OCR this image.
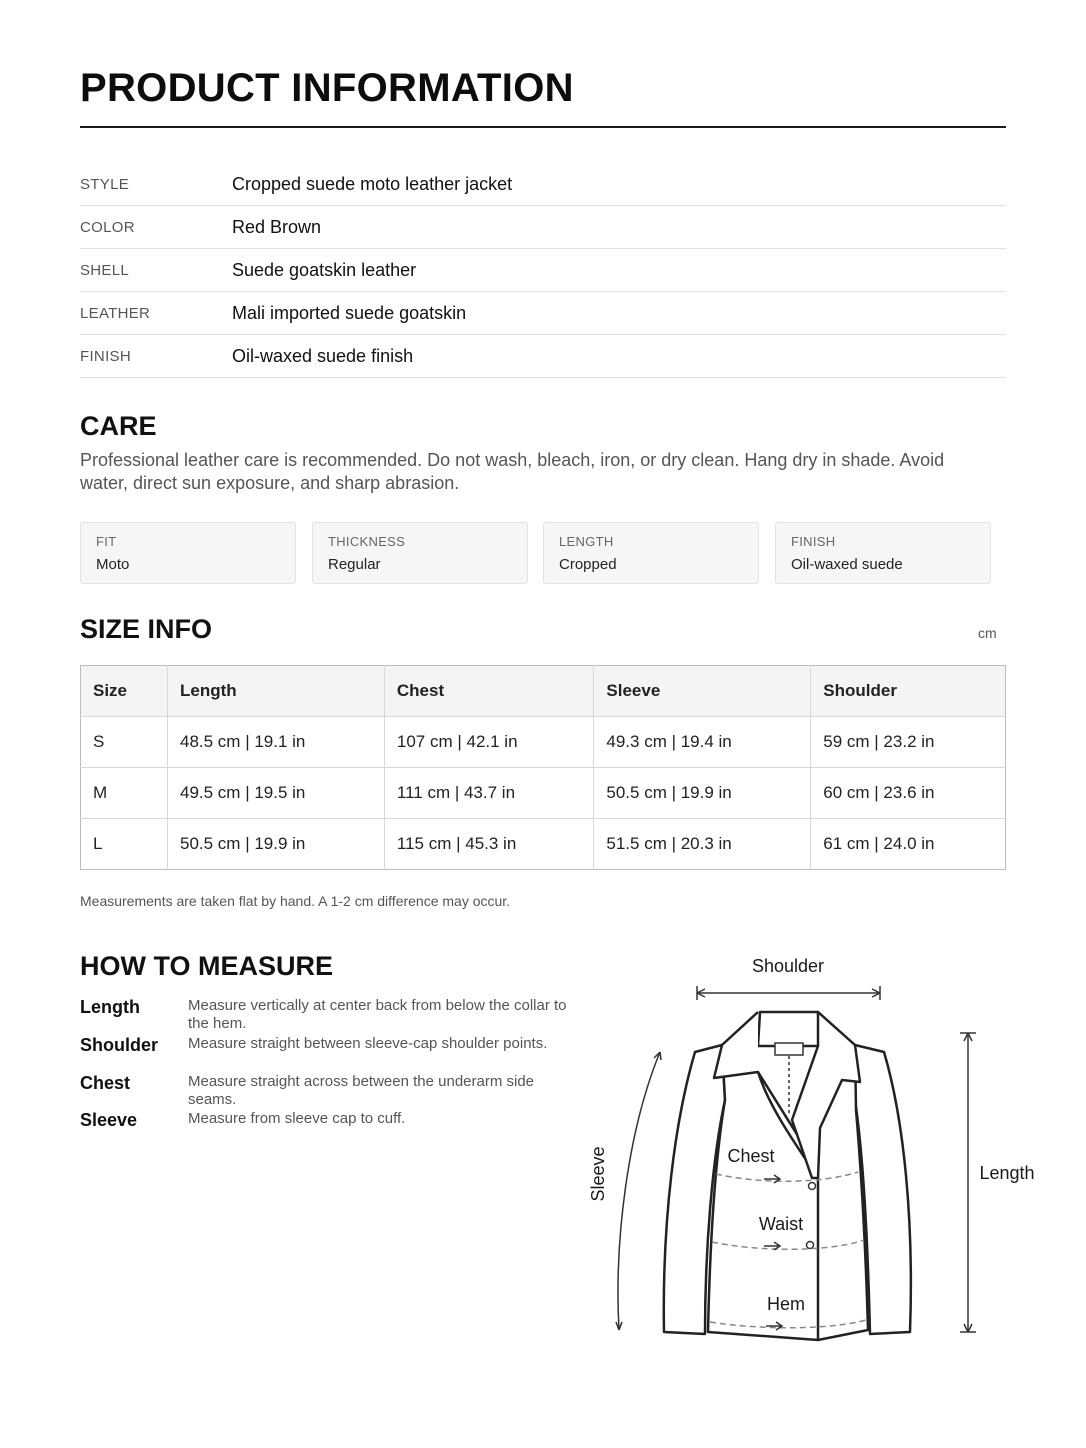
PRODUCT INFORMATION
STYLE	Cropped suede moto leather jacket
COLOR	Red Brown
SHELL	Suede goatskin leather
LEATHER	Mali imported suede goatskin
FINISH	Oil-waxed suede finish
CARE
Professional leather care is recommended. Do not wash, bleach, iron, or dry clean. Hang dry in shade. Avoid water, direct sun exposure, and sharp abrasion.
FIT
Moto
THICKNESS
Regular
LENGTH
Cropped
FINISH
Oil-waxed suede
SIZE INFO	cm
Size	Length	Chest	Sleeve	Shoulder
S	48.5 cm | 19.1 in	107 cm | 42.1 in	49.3 cm | 19.4 in	59 cm | 23.2 in
M	49.5 cm | 19.5 in	111 cm | 43.7 in	50.5 cm | 19.9 in	60 cm | 23.6 in
L	50.5 cm | 19.9 in	115 cm | 45.3 in	51.5 cm | 20.3 in	61 cm | 24.0 in
Measurements are taken flat by hand. A 1-2 cm difference may occur.
HOW TO MEASURE
Length	Measure vertically at center back from below the collar to the hem.
Shoulder Measure straight between sleeve-cap shoulder points.
Chest	Measure straight across between the underarm side seams.
Sleeve	Measure from sleeve cap to cuff.
Shoulder
Length
Sleeve	Chest
Waist
Hem
